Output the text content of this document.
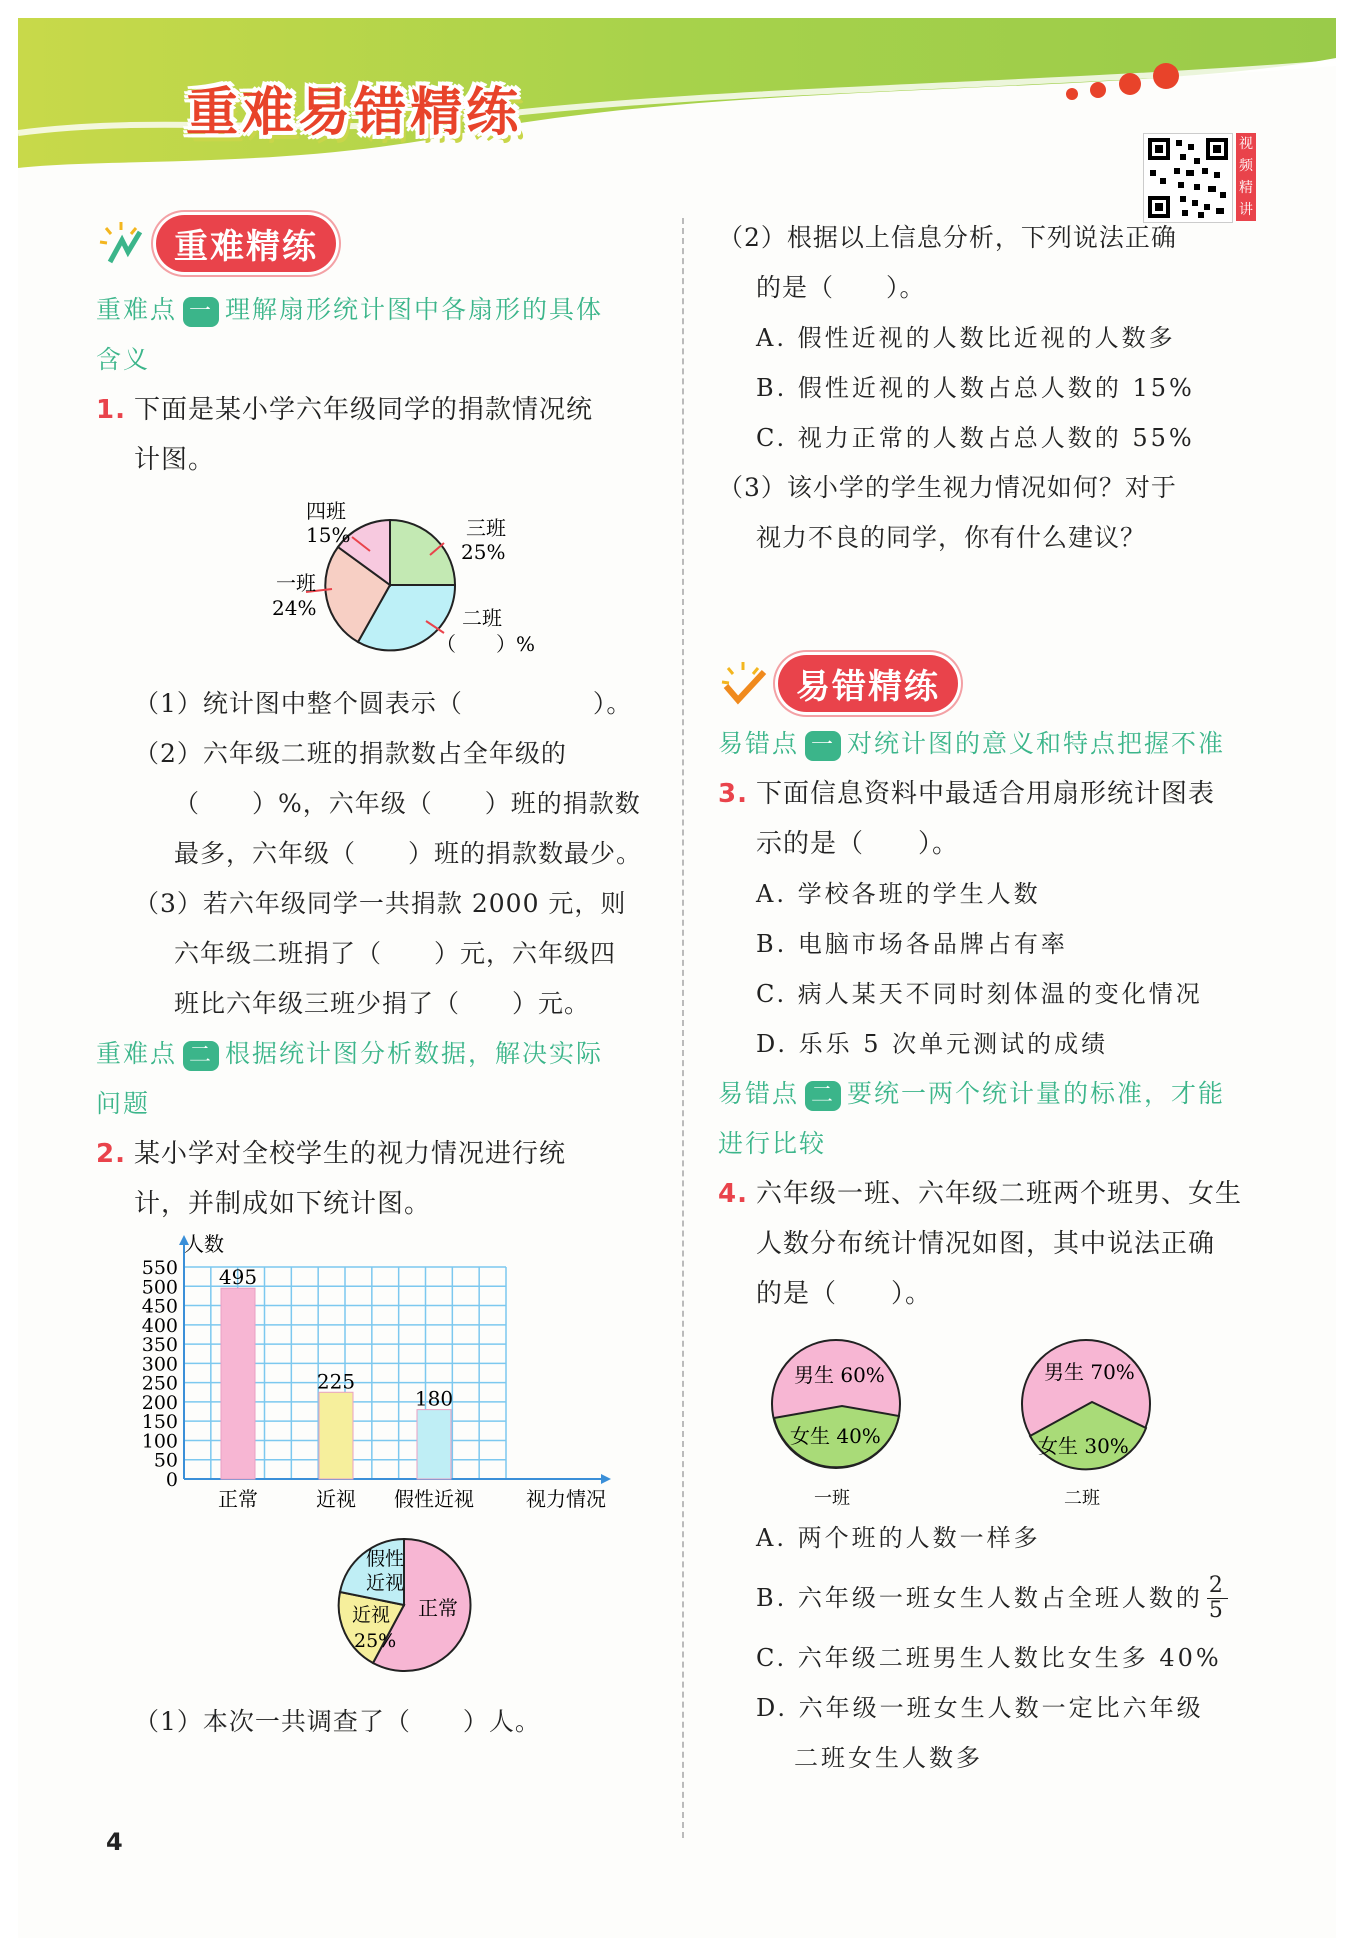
重 难 易 错 精 练
视频精讲
重难精练
重难点 一 理解扇形统计图中各扇形的具体
含义
1. 下面是某小学六年级同学的捐款情况统
计图。
四班
15%	三班
25%
一班
24%	二班
（　　）%
（1）统计图中整个圆表示（　　　　　）。
（2）六年级二班的捐款数占全年级的
（　　）%，六年级（　　）班的捐款数
最多，六年级（　　）班的捐款数最少。
（3）若六年级同学一共捐款 2000 元，则
六年级二班捐了（　　）元，六年级四
班比六年级三班少捐了（　　）元。
重难点 二 根据统计图分析数据，解决实际
问题
2. 某小学对全校学生的视力情况进行统
计，并制成如下统计图。
0
50
100
150
200
250
300
350
400
450
500
550 495
正常
225
近视
180
假性近视
人数
视力情况

假性
近视
近视
25%
正常
（1）本次一共调查了（　　）人。
（2）根据以上信息分析，下列说法正确
的是（　　）。
A. 假性近视的人数比近视的人数多
B. 假性近视的人数占总人数的 15%
C. 视力正常的人数占总人数的 55%
（3）该小学的学生视力情况如何？对于
视力不良的同学，你有什么建议？
易错精练
易错点 一 对统计图的意义和特点把握不准
3. 下面信息资料中最适合用扇形统计图表
示的是（　　）。
A. 学校各班的学生人数
B. 电脑市场各品牌占有率
C. 病人某天不同时刻体温的变化情况
D. 乐乐 5 次单元测试的成绩
易错点 二 要统一两个统计量的标准，才能
进行比较
4. 六年级一班、六年级二班两个班男、女生
人数分布统计情况如图，其中说法正确
的是（　　）。
男生 60%
女生 40%
一班
男生 70%
女生 30%
二班
A. 两个班的人数一样多
B. 六年级一班女生人数占全班人数的 $\frac{2}{5}$
C. 六年级二班男生人数比女生多 40%
D. 六年级一班女生人数一定比六年级
二班女生人数多
4
